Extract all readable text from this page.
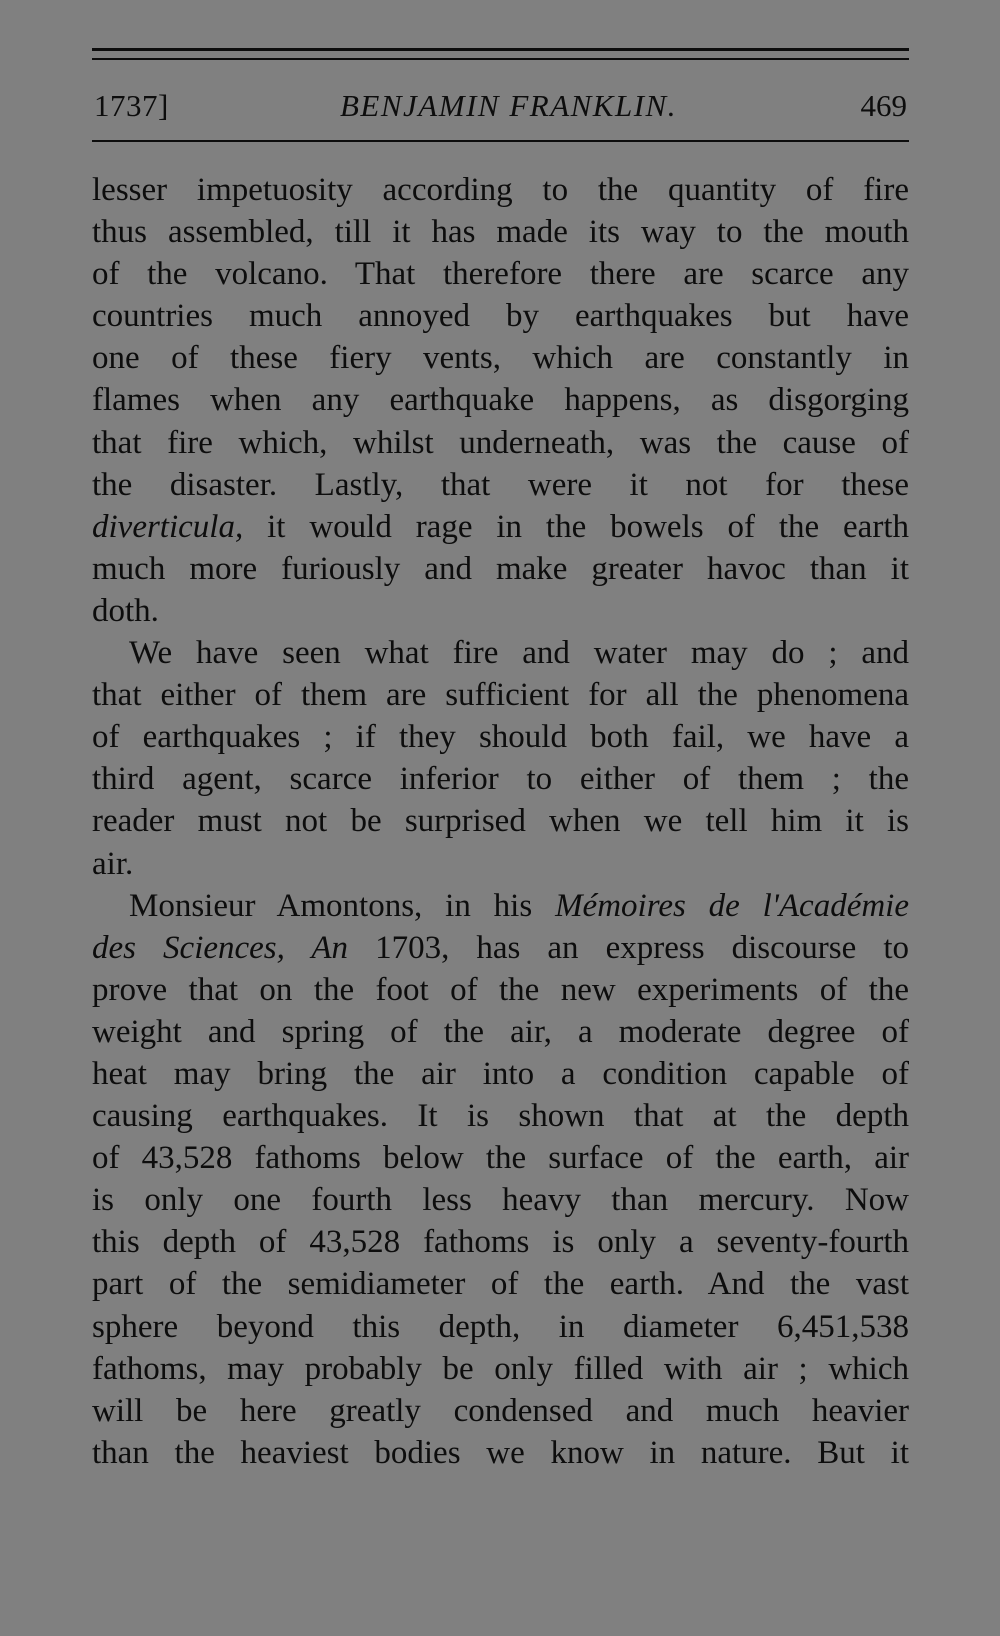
1737]	BENJAMIN FRANKLIN.	469
lesser impetuosity according to the quantity of fire
thus assembled, till it has made its way to the mouth
of the volcano. That therefore there are scarce any
countries much annoyed by earthquakes but have
one of these fiery vents, which are constantly in
flames when any earthquake happens, as disgorging
that fire which, whilst underneath, was the cause of
the disaster. Lastly, that were it not for these
diverticula, it would rage in the bowels of the earth
much more furiously and make greater havoc than it
doth.
We have seen what fire and water may do ; and
that either of them are sufficient for all the phenomena
of earthquakes ; if they should both fail, we have a
third agent, scarce inferior to either of them ; the
reader must not be surprised when we tell him it is
air.
Monsieur Amontons, in his Mémoires de l'Académie
des Sciences, An 1703, has an express discourse to
prove that on the foot of the new experiments of the
weight and spring of the air, a moderate degree of
heat may bring the air into a condition capable of
causing earthquakes. It is shown that at the depth
of 43,528 fathoms below the surface of the earth, air
is only one fourth less heavy than mercury. Now
this depth of 43,528 fathoms is only a seventy-fourth
part of the semidiameter of the earth. And the vast
sphere beyond this depth, in diameter 6,451,538
fathoms, may probably be only filled with air ; which
will be here greatly condensed and much heavier
than the heaviest bodies we know in nature. But it
